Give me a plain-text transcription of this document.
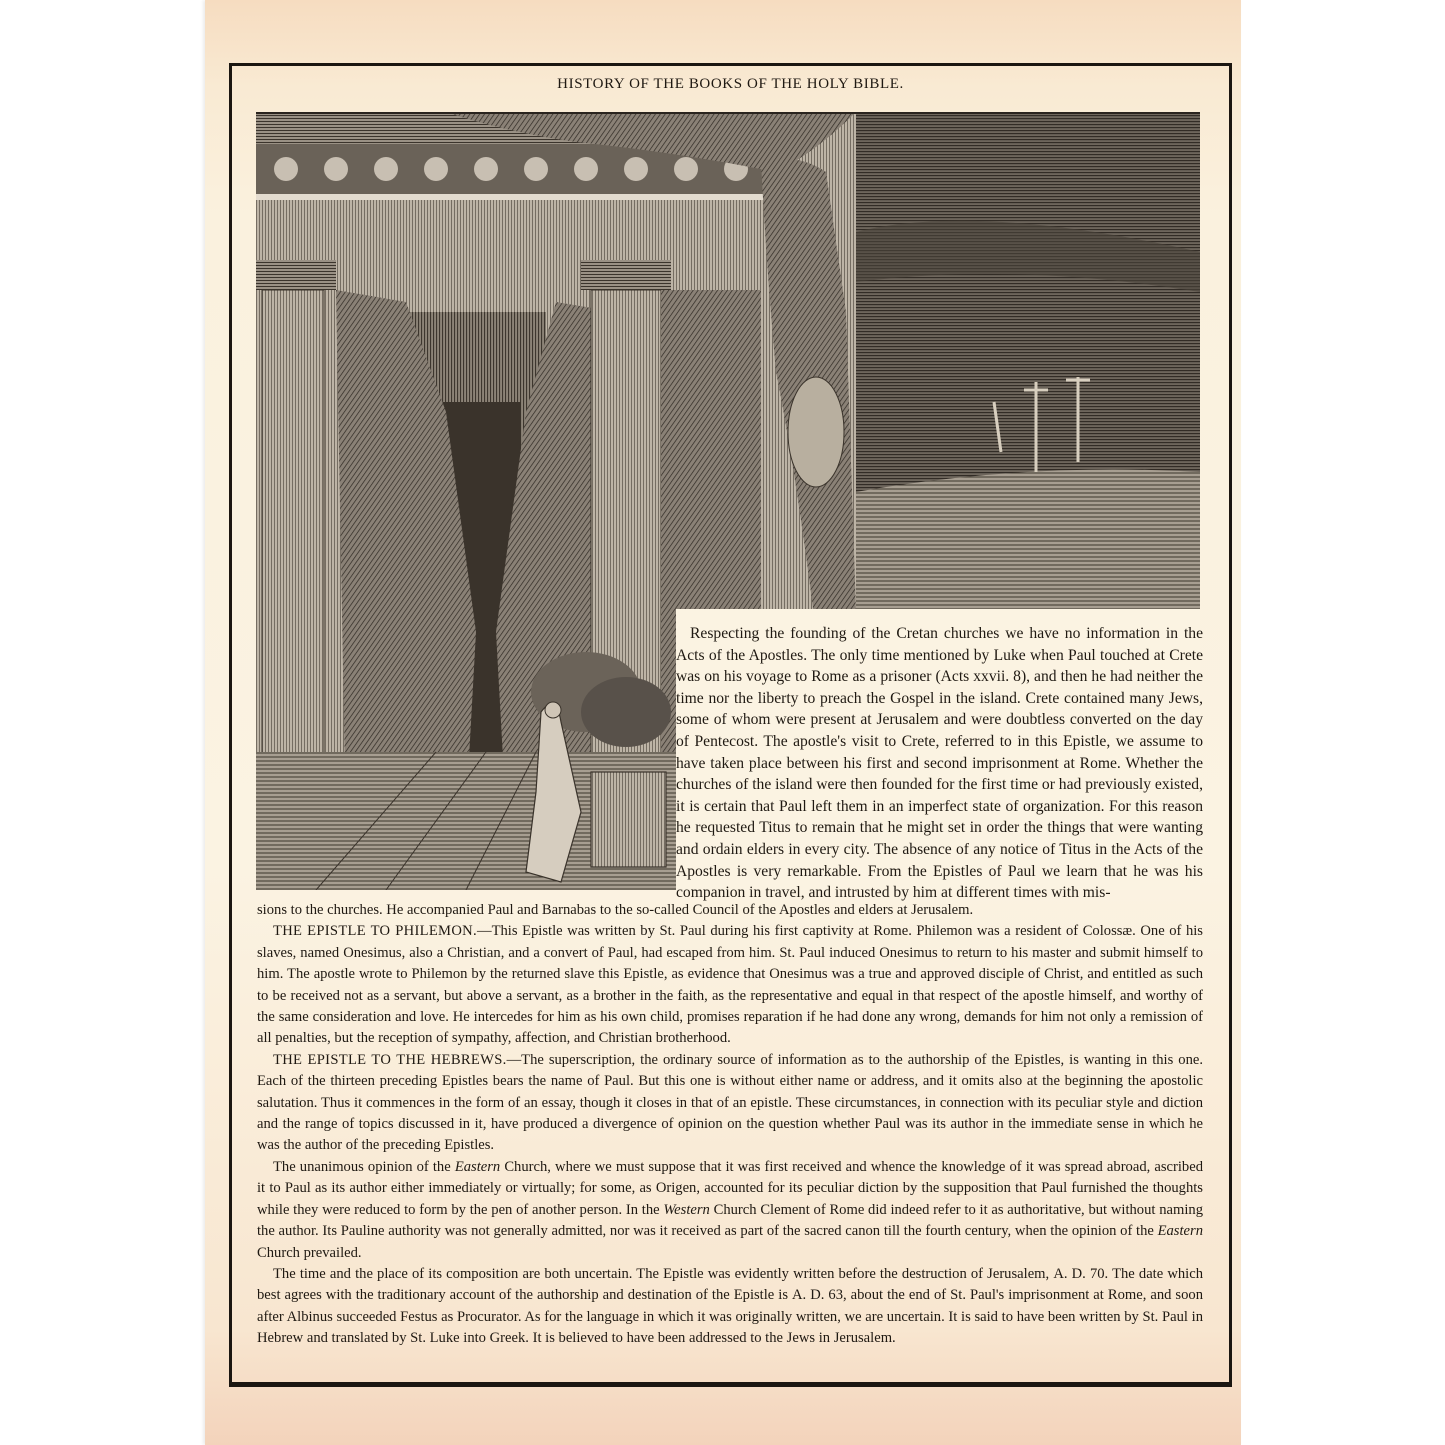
HISTORY OF THE BOOKS OF THE HOLY BIBLE.

Respecting the founding of the Cretan churches we have no information in the Acts of the Apostles. The only time mentioned by Luke when Paul touched at Crete was on his voyage to Rome as a prisoner (Acts xxvii. 8), and then he had neither the time nor the liberty to preach the Gospel in the island. Crete contained many Jews, some of whom were present at Jerusalem and were doubtless converted on the day of Pentecost. The apostle's visit to Crete, referred to in this Epistle, we assume to have taken place between his first and second imprisonment at Rome. Whether the churches of the island were then founded for the first time or had previously existed, it is certain that Paul left them in an imperfect state of organization. For this reason he requested Titus to remain that he might set in order the things that were wanting and ordain elders in every city. The absence of any notice of Titus in the Acts of the Apostles is very remarkable. From the Epistles of Paul we learn that he was his companion in travel, and intrusted by him at different times with mis-

sions to the churches. He accompanied Paul and Barnabas to the so-called Council of the Apostles and elders at Jerusalem.

THE EPISTLE TO PHILEMON.—This Epistle was written by St. Paul during his first captivity at Rome. Philemon was a resident of Colossæ. One of his slaves, named Onesimus, also a Christian, and a convert of Paul, had escaped from him. St. Paul induced Onesimus to return to his master and submit himself to him. The apostle wrote to Philemon by the returned slave this Epistle, as evidence that Onesimus was a true and approved disciple of Christ, and entitled as such to be received not as a servant, but above a servant, as a brother in the faith, as the representative and equal in that respect of the apostle himself, and worthy of the same consideration and love. He intercedes for him as his own child, promises reparation if he had done any wrong, demands for him not only a remission of all penalties, but the reception of sympathy, affection, and Christian brotherhood.

THE EPISTLE TO THE HEBREWS.—The superscription, the ordinary source of information as to the authorship of the Epistles, is wanting in this one. Each of the thirteen preceding Epistles bears the name of Paul. But this one is without either name or address, and it omits also at the beginning the apostolic salutation. Thus it commences in the form of an essay, though it closes in that of an epistle. These circumstances, in connection with its peculiar style and diction and the range of topics discussed in it, have produced a divergence of opinion on the question whether Paul was its author in the immediate sense in which he was the author of the preceding Epistles.

The unanimous opinion of the Eastern Church, where we must suppose that it was first received and whence the knowledge of it was spread abroad, ascribed it to Paul as its author either immediately or virtually; for some, as Origen, accounted for its peculiar diction by the supposition that Paul furnished the thoughts while they were reduced to form by the pen of another person. In the Western Church Clement of Rome did indeed refer to it as authoritative, but without naming the author. Its Pauline authority was not generally admitted, nor was it received as part of the sacred canon till the fourth century, when the opinion of the Eastern Church prevailed.

The time and the place of its composition are both uncertain. The Epistle was evidently written before the destruction of Jerusalem, A. D. 70. The date which best agrees with the traditionary account of the authorship and destination of the Epistle is A. D. 63, about the end of St. Paul's imprisonment at Rome, and soon after Albinus succeeded Festus as Procurator. As for the language in which it was originally written, we are uncertain. It is said to have been written by St. Paul in Hebrew and translated by St. Luke into Greek. It is believed to have been addressed to the Jews in Jerusalem.
